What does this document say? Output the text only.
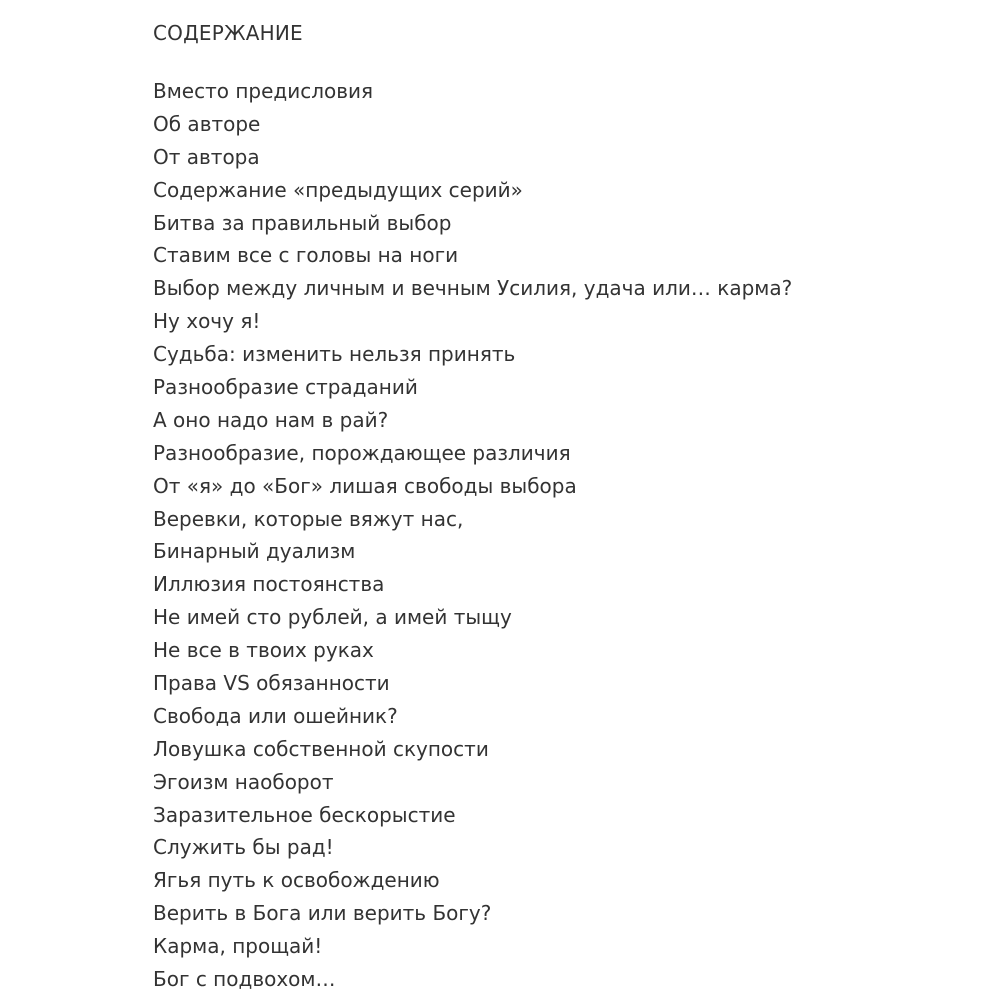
СОДЕРЖАНИЕ
Вместо предисловия
Об авторе
От автора
Содержание «предыдущих серий»
Битва за правильный выбор
Ставим все с головы на ноги
Выбор между личным и вечным Усилия, удача или… карма?
Ну хочу я!
Судьба: изменить нельзя принять
Разнообразие страданий
А оно надо нам в рай?
Разнообразие, порождающее различия
От «я» до «Бог» лишая свободы выбора
Веревки, которые вяжут нас,
Бинарный дуализм
Иллюзия постоянства
Не имей сто рублей, а имей тыщу
Не все в твоих руках
Права VS обязанности
Свобода или ошейник?
Ловушка собственной скупости
Эгоизм наоборот
Заразительное бескорыстие
Служить бы рад!
Ягья путь к освобождению
Верить в Бога или верить Богу?
Карма, прощай!
Бог с подвохом…
